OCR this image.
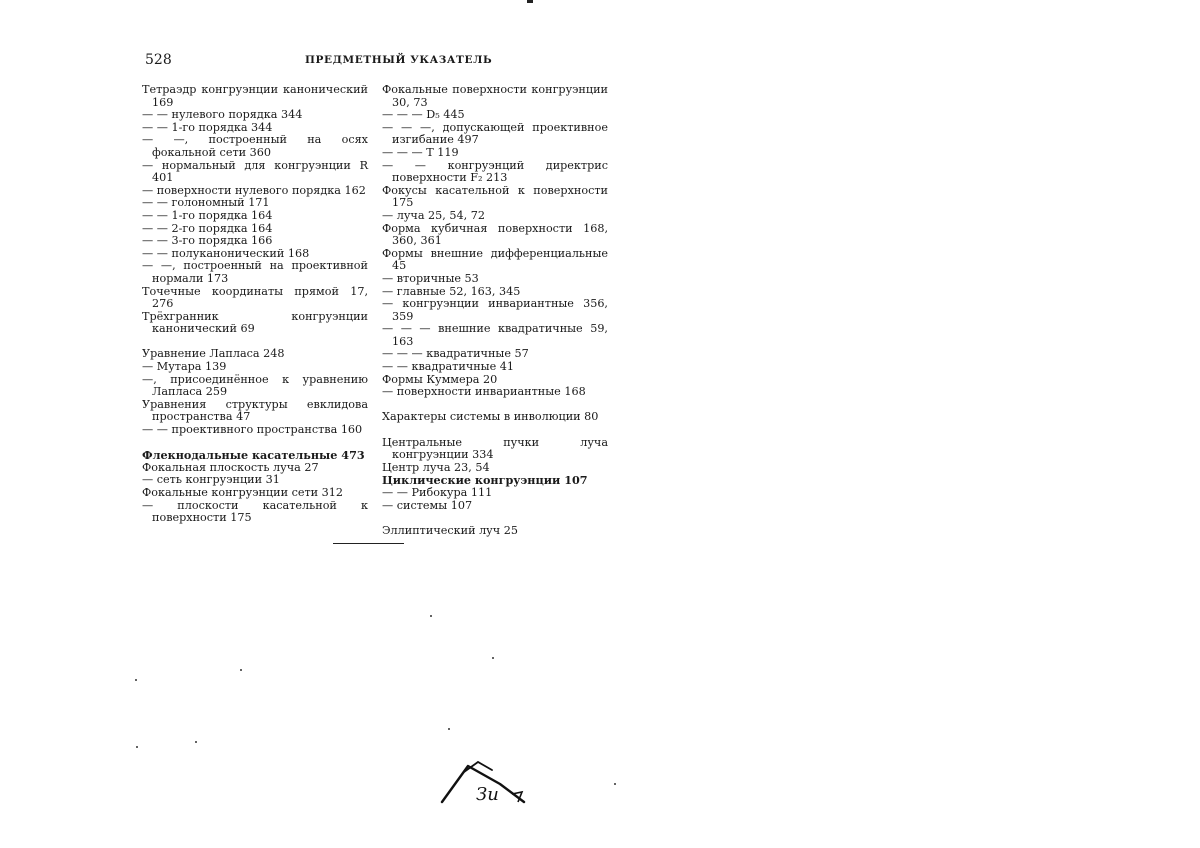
528	ПРЕДМЕТНЫЙ УКАЗАТЕЛЬ

Тетраэдр конгруэнции канонический 169

— — нулевого порядка 344

— — 1-го порядка 344

— —, построенный на осях фокальной сети 360

— нормальный для конгруэнции R 401

— поверхности нулевого порядка 162

— — голономный 171

— — 1-го порядка 164

— — 2-го порядка 164

— — 3-го порядка 166

— — полуканонический 168

— —, построенный на проективной нормали 173

Точечные координаты прямой 17, 276

Трёхгранник конгруэнции канонический 69

Уравнение Лапласа 248

— Мутара 139

—, присоединённое к уравнению Лапласа 259

Уравнения структуры евклидова пространства 47

— — проективного пространства 160

Флекнодальные касательные 473

Фокальная плоскость луча 27

— сеть конгруэнции 31

Фокальные конгруэнции сети 312

— плоскости касательной к поверхности 175

Фокальные поверхности конгруэнции 30, 73

— — — D₅ 445

— — —, допускающей проективное изгибание 497

— — — T 119

— — конгруэнций директрис поверхности F₂ 213

Фокусы касательной к поверхности 175

— луча 25, 54, 72

Форма кубичная поверхности 168, 360, 361

Формы внешние дифференциальные 45

— вторичные 53

— главные 52, 163, 345

— конгруэнции инвариантные 356, 359

— — — внешние квадратичные 59, 163

— — — квадратичные 57

— — квадратичные 41

Формы Куммера 20

— поверхности инвариантные 168

Характеры системы в инволюции 80

Центральные пучки луча конгруэнции 334

Центр луча 23, 54

Циклические конгруэнции 107

— — Рибокура 111

— системы 107

Эллиптический луч 25

Зи
